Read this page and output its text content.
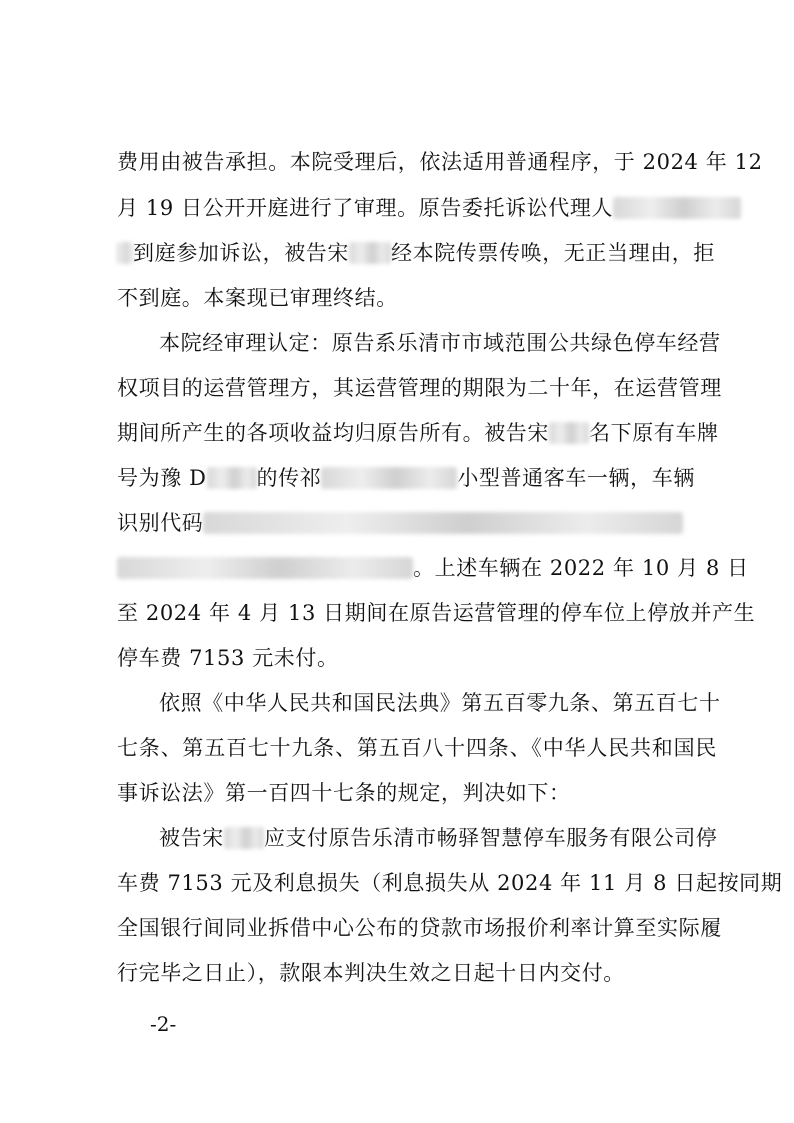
费用由被告承担。本院受理后，依法适用普通程序，于 2024 年 12
月 19 日公开开庭进行了审理。原告委托诉讼代理人
到庭参加诉讼，被告宋 经本院传票传唤，无正当理由，拒
不到庭。本案现已审理终结。
本院经审理认定：原告系乐清市市域范围公共绿色停车经营
权项目的运营管理方，其运营管理的期限为二十年，在运营管理
期间所产生的各项收益均归原告所有。被告宋 名下原有车牌
号为豫 D 的传祁	小型普通客车一辆，车辆
识别代码
。上述车辆在 2022 年 10 月 8 日
至 2024 年 4 月 13 日期间在原告运营管理的停车位上停放并产生
停车费 7153 元未付。
依照《中华人民共和国民法典》第五百零九条、第五百七十
七条、第五百七十九条、第五百八十四条、《中华人民共和国民
事诉讼法》第一百四十七条的规定，判决如下：
被告宋 应支付原告乐清市畅驿智慧停车服务有限公司停
车费 7153 元及利息损失（利息损失从 2024 年 11 月 8 日起按同期
全国银行间同业拆借中心公布的贷款市场报价利率计算至实际履
行完毕之日止），款限本判决生效之日起十日内交付。
-2-
